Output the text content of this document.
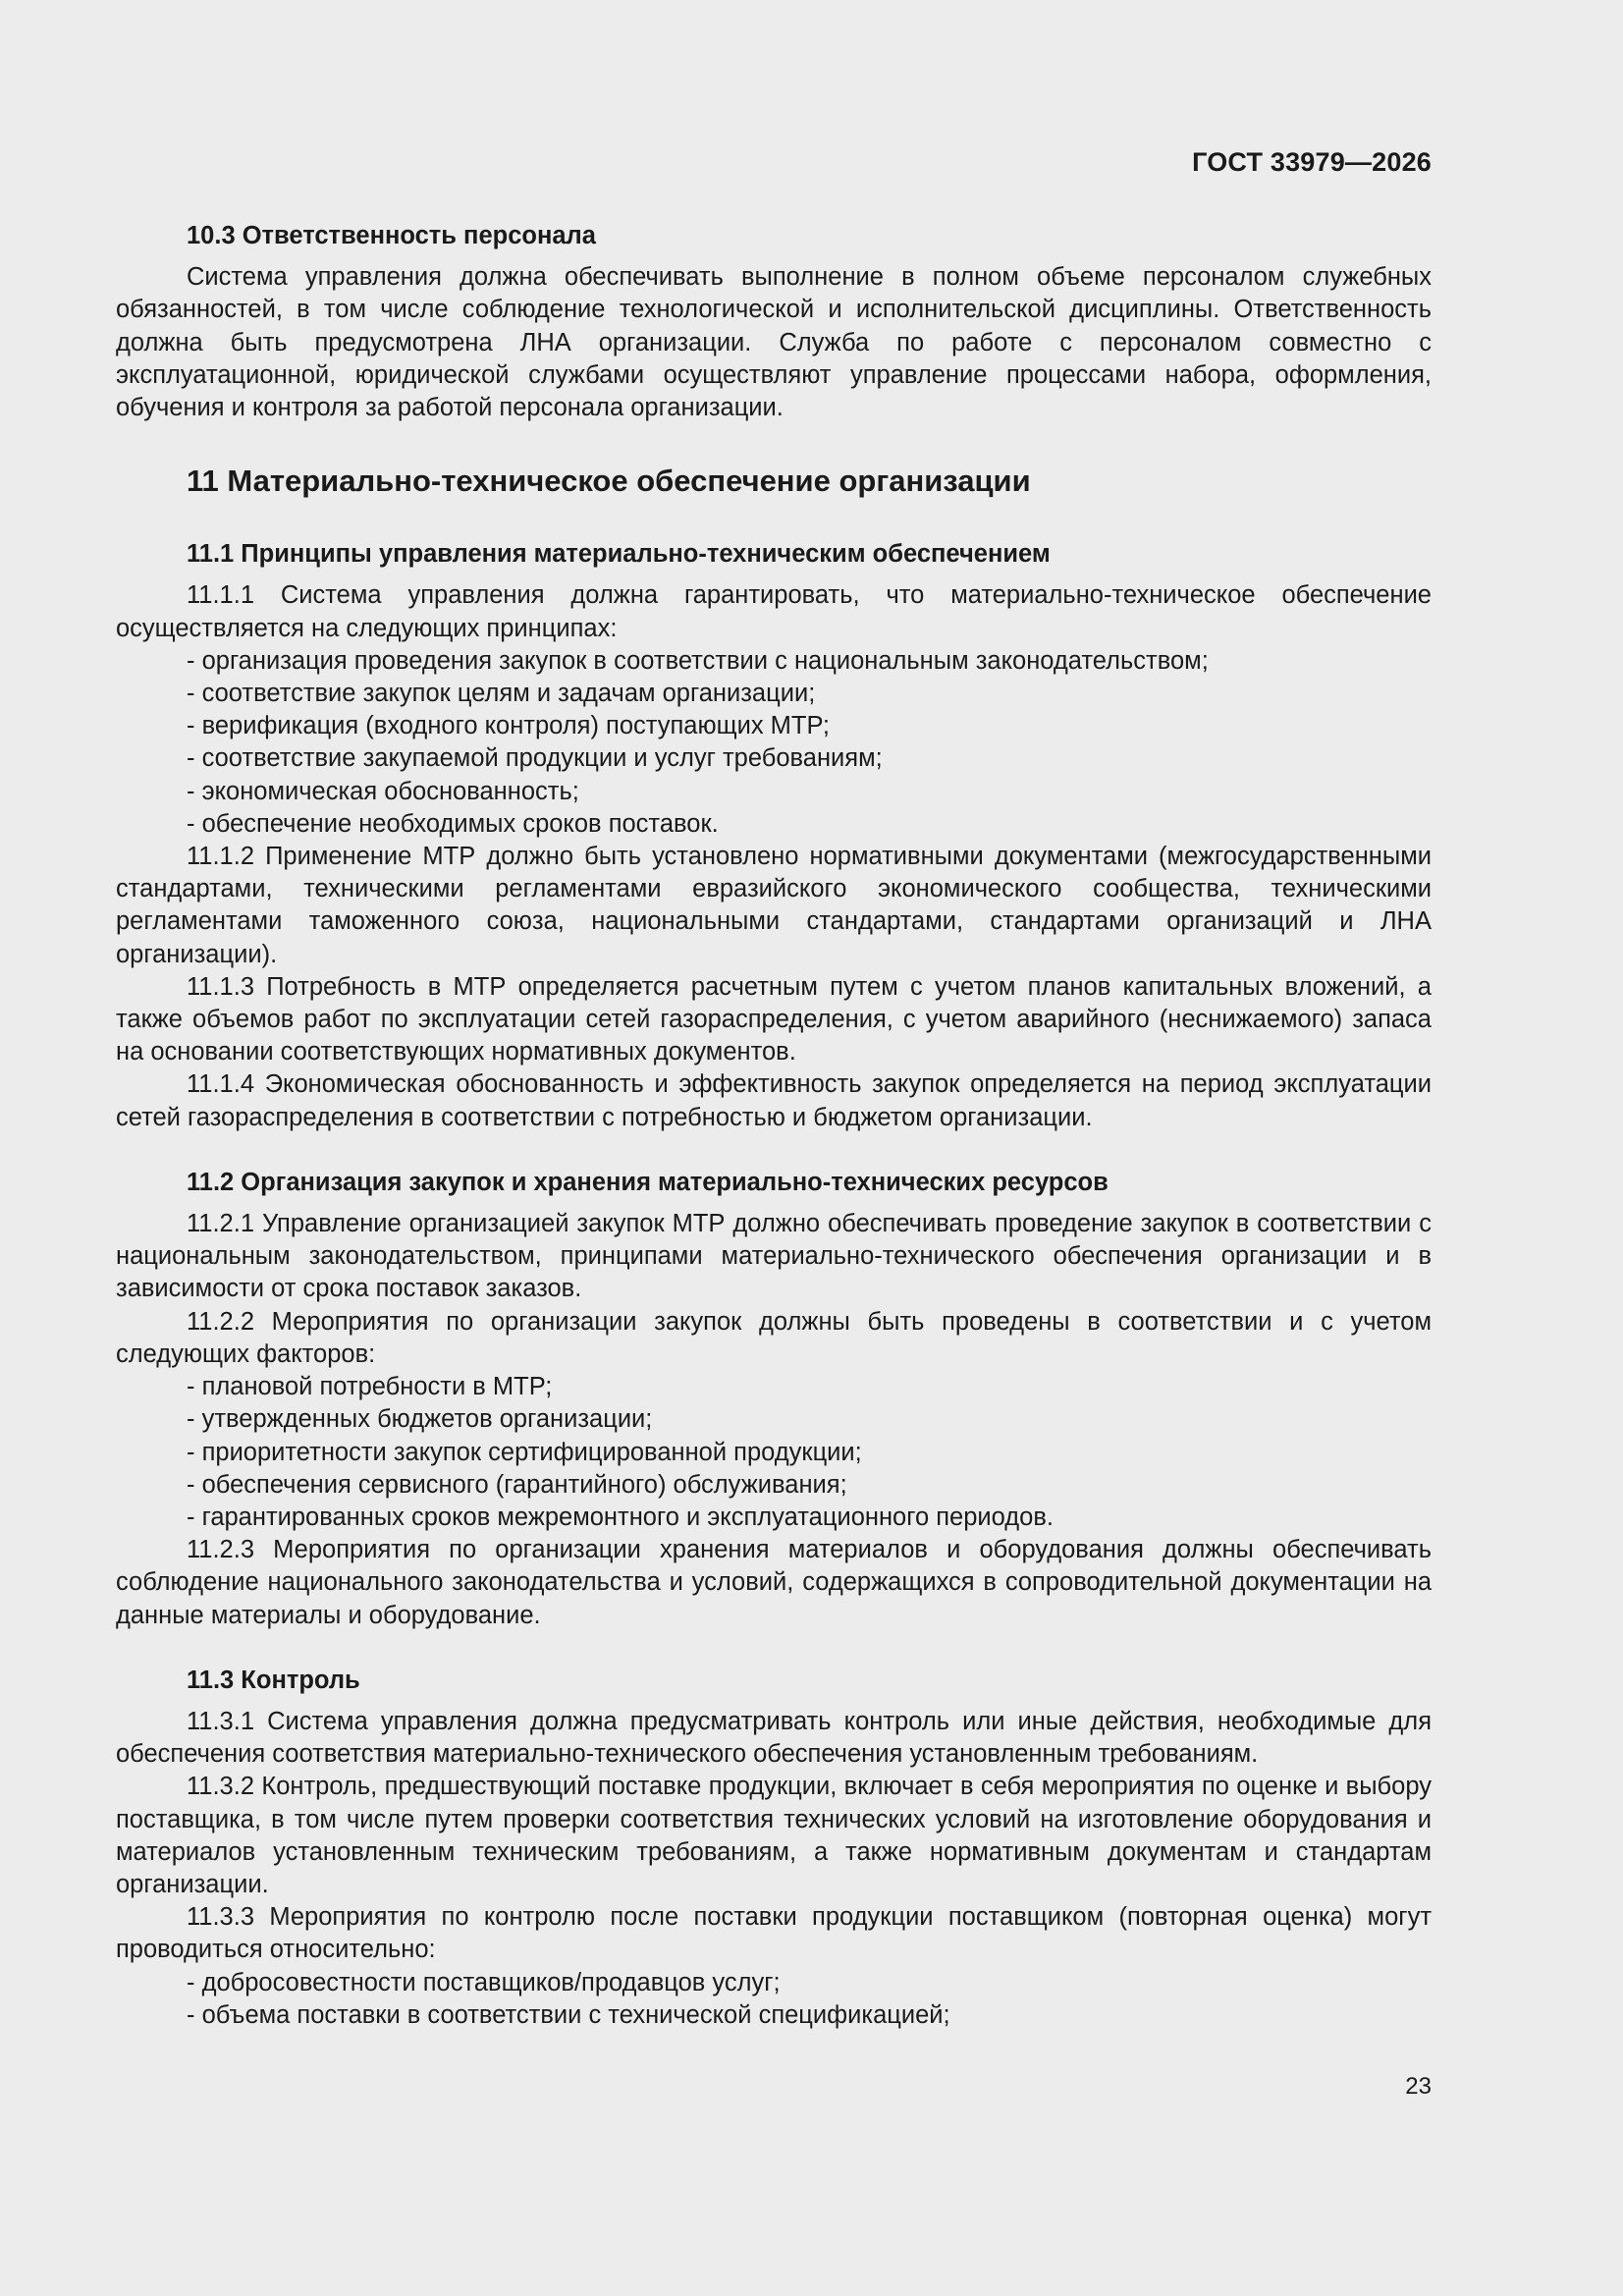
ГОСТ 33979—2026
10.3 Ответственность персонала

Система управления должна обеспечивать выполнение в полном объеме персоналом служебных обязанностей, в том числе соблюдение технологической и исполнительской дисциплины. Ответственность должна быть предусмотрена ЛНА организации. Служба по работе с персоналом совместно с эксплуатационной, юридической службами осуществляют управление процессами набора, оформления, обучения и контроля за работой персонала организации.

11 Материально-техническое обеспечение организации
11.1 Принципы управления материально-техническим обеспечением

11.1.1 Система управления должна гарантировать, что материально-техническое обеспечение осуществляется на следующих принципах:

- организация проведения закупок в соответствии с национальным законодательством;

- соответствие закупок целям и задачам организации;

- верификация (входного контроля) поступающих МТР;

- соответствие закупаемой продукции и услуг требованиям;

- экономическая обоснованность;

- обеспечение необходимых сроков поставок.

11.1.2 Применение МТР должно быть установлено нормативными документами (межгосударственными стандартами, техническими регламентами евразийского экономического сообщества, техническими регламентами таможенного союза, национальными стандартами, стандартами организаций и ЛНА организации).

11.1.3 Потребность в МТР определяется расчетным путем с учетом планов капитальных вложений, а также объемов работ по эксплуатации сетей газораспределения, с учетом аварийного (неснижаемого) запаса на основании соответствующих нормативных документов.

11.1.4 Экономическая обоснованность и эффективность закупок определяется на период эксплуатации сетей газораспределения в соответствии с потребностью и бюджетом организации.

11.2 Организация закупок и хранения материально-технических ресурсов

11.2.1 Управление организацией закупок МТР должно обеспечивать проведение закупок в соответствии с национальным законодательством, принципами материально-технического обеспечения организации и в зависимости от срока поставок заказов.

11.2.2 Мероприятия по организации закупок должны быть проведены в соответствии и с учетом следующих факторов:

- плановой потребности в МТР;

- утвержденных бюджетов организации;

- приоритетности закупок сертифицированной продукции;

- обеспечения сервисного (гарантийного) обслуживания;

- гарантированных сроков межремонтного и эксплуатационного периодов.

11.2.3 Мероприятия по организации хранения материалов и оборудования должны обеспечивать соблюдение национального законодательства и условий, содержащихся в сопроводительной документации на данные материалы и оборудование.

11.3 Контроль

11.3.1 Система управления должна предусматривать контроль или иные действия, необходимые для обеспечения соответствия материально-технического обеспечения установленным требованиям.

11.3.2 Контроль, предшествующий поставке продукции, включает в себя мероприятия по оценке и выбору поставщика, в том числе путем проверки соответствия технических условий на изготовление оборудования и материалов установленным техническим требованиям, а также нормативным документам и стандартам организации.

11.3.3 Мероприятия по контролю после поставки продукции поставщиком (повторная оценка) могут проводиться относительно:

- добросовестности поставщиков/продавцов услуг;

- объема поставки в соответствии с технической спецификацией;

23
